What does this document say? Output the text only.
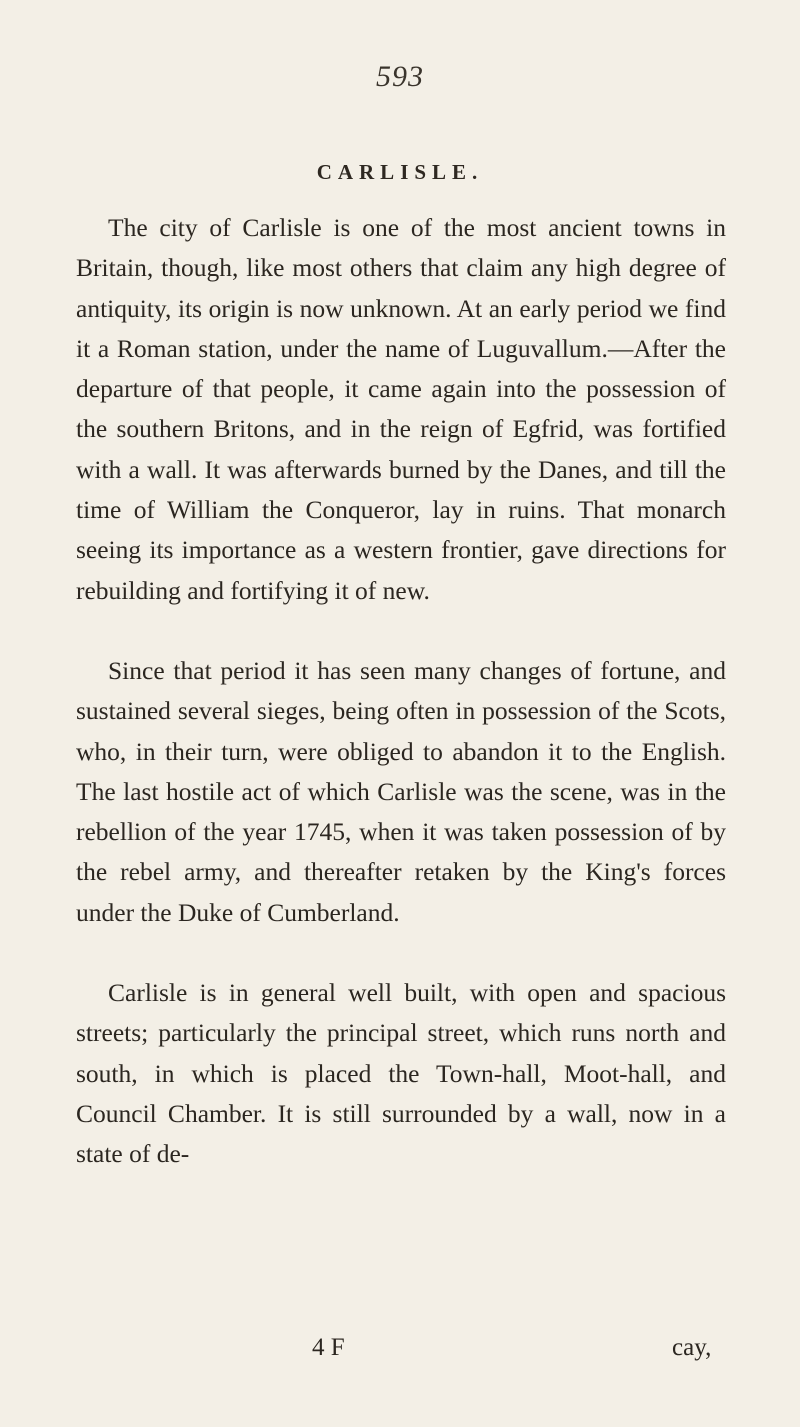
593
CARLISLE.

The city of Carlisle is one of the most ancient towns in Britain, though, like most others that claim any high degree of antiquity, its origin is now unknown. At an early period we find it a Roman station, under the name of Luguvallum.—After the departure of that people, it came again into the possession of the southern Britons, and in the reign of Egfrid, was fortified with a wall. It was afterwards burned by the Danes, and till the time of William the Conqueror, lay in ruins. That monarch seeing its importance as a western frontier, gave directions for rebuilding and fortifying it of new.

Since that period it has seen many changes of fortune, and sustained several sieges, being often in possession of the Scots, who, in their turn, were obliged to abandon it to the English. The last hostile act of which Carlisle was the scene, was in the rebellion of the year 1745, when it was taken possession of by the rebel army, and thereafter retaken by the King's forces under the Duke of Cumberland.

Carlisle is in general well built, with open and spacious streets; particularly the principal street, which runs north and south, in which is placed the Town-hall, Moot-hall, and Council Chamber. It is still surrounded by a wall, now in a state of de-

4 F	cay,
